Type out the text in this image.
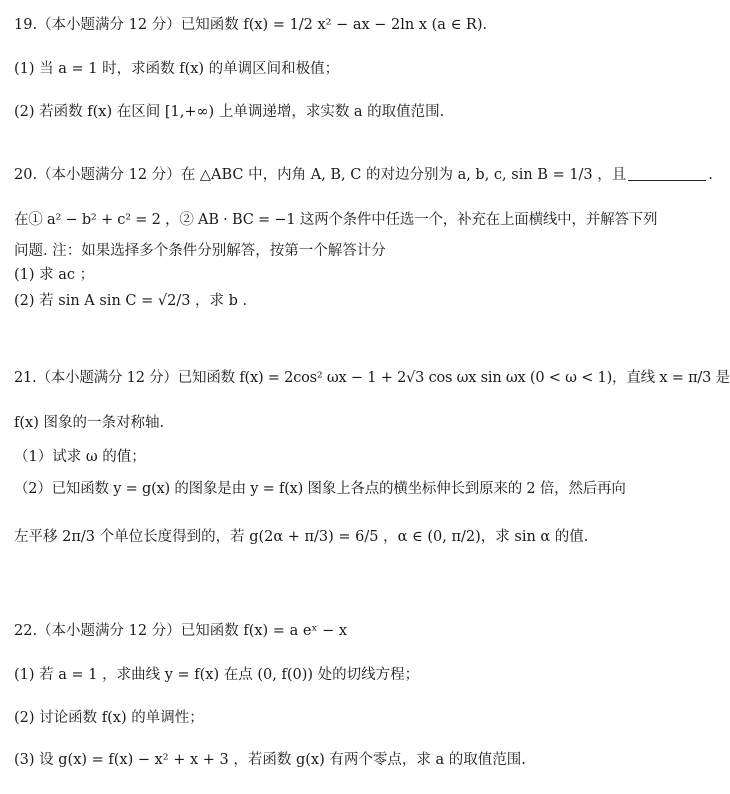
19.（本小题满分 12 分）已知函数 f(x) = 1/2 x² − ax − 2ln x (a ∈ R).
(1) 当 a = 1 时，求函数 f(x) 的单调区间和极值；
(2) 若函数 f(x) 在区间 [1,+∞) 上单调递增，求实数 a 的取值范围.
20.（本小题满分 12 分）在 △ABC 中，内角 A, B, C 的对边分别为 a, b, c, sin B = 1/3 ，且	.
在① a² − b² + c² = 2 ，② AB · BC = −1 这两个条件中任选一个，补充在上面横线中，并解答下列
问题. 注：如果选择多个条件分别解答，按第一个解答计分
(1) 求 ac ；
(2) 若 sin A sin C = √2/3 ，求 b .
21.（本小题满分 12 分）已知函数 f(x) = 2cos² ωx − 1 + 2√3 cos ωx sin ωx (0 < ω < 1)，直线 x = π/3 是
f(x) 图象的一条对称轴.
（1）试求 ω 的值；
（2）已知函数 y = g(x) 的图象是由 y = f(x) 图象上各点的横坐标伸长到原来的 2 倍，然后再向
左平移 2π/3 个单位长度得到的，若 g(2α + π/3) = 6/5 ，α ∈ (0, π/2)，求 sin α 的值.
22.（本小题满分 12 分）已知函数 f(x) = a eˣ − x
(1) 若 a = 1 ，求曲线 y = f(x) 在点 (0, f(0)) 处的切线方程；
(2) 讨论函数 f(x) 的单调性；
(3) 设 g(x) = f(x) − x² + x + 3 ，若函数 g(x) 有两个零点，求 a 的取值范围.
